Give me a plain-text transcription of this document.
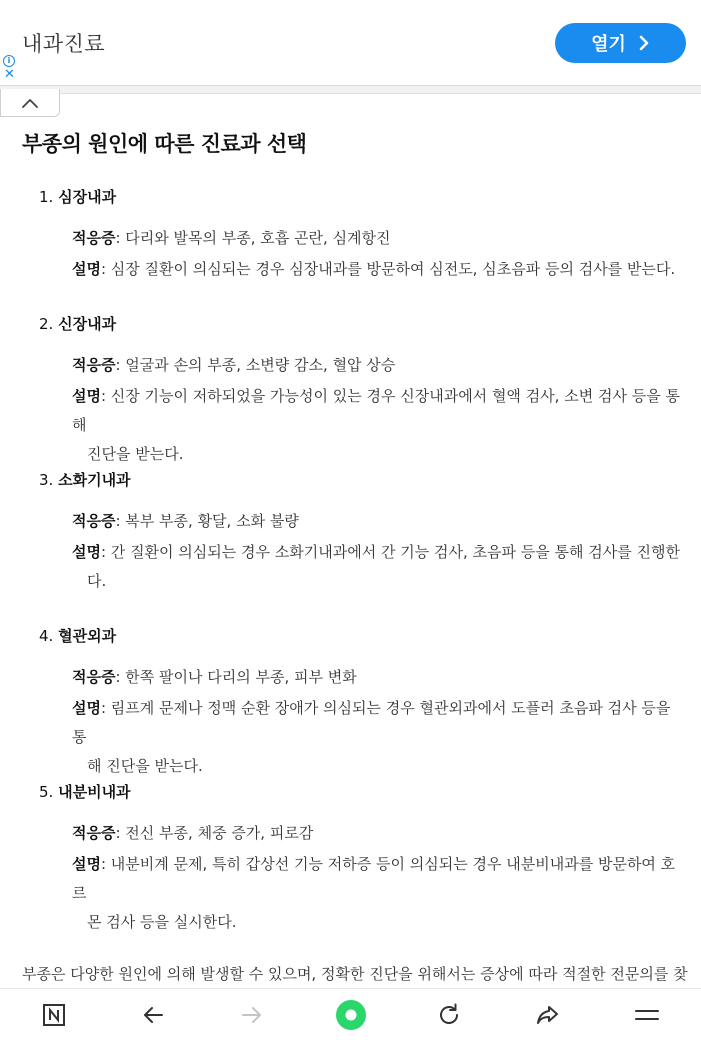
내과진료
i
✕
열기
부종의 원인에 따른 진료과 선택
1. 심장내과
적응증: 다리와 발목의 부종, 호흡 곤란, 심계항진
설명: 심장 질환이 의심되는 경우 심장내과를 방문하여 심전도, 심초음파 등의 검사를 받는다.
2. 신장내과
적응증: 얼굴과 손의 부종, 소변량 감소, 혈압 상승
설명: 신장 기능이 저하되었을 가능성이 있는 경우 신장내과에서 혈액 검사, 소변 검사 등을 통해
진단을 받는다.
3. 소화기내과
적응증: 복부 부종, 황달, 소화 불량
설명: 간 질환이 의심되는 경우 소화기내과에서 간 기능 검사, 초음파 등을 통해 검사를 진행한
다.
4. 혈관외과
적응증: 한쪽 팔이나 다리의 부종, 피부 변화
설명: 림프계 문제나 정맥 순환 장애가 의심되는 경우 혈관외과에서 도플러 초음파 검사 등을 통
해 진단을 받는다.
5. 내분비내과
적응증: 전신 부종, 체중 증가, 피로감
설명: 내분비계 문제, 특히 갑상선 기능 저하증 등이 의심되는 경우 내분비내과를 방문하여 호르
몬 검사 등을 실시한다.

부종은 다양한 원인에 의해 발생할 수 있으며, 정확한 진단을 위해서는 증상에 따라 적절한 전문의를 찾
